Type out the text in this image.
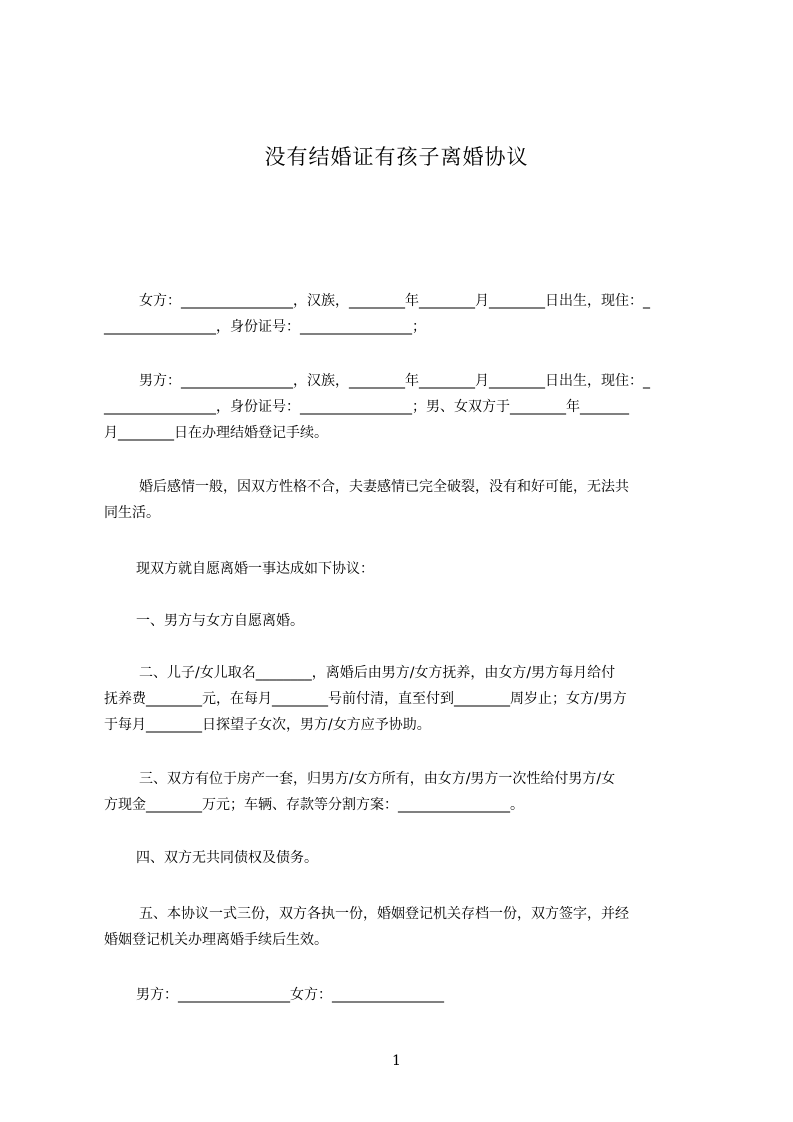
没有结婚证有孩子离婚协议
女方：________________，汉族，________年________月________日出生，现住：_
________________，身份证号：________________；
男方：________________，汉族，________年________月________日出生，现住：_
________________，身份证号：________________；男、女双方于________年_______
月________日在办理结婚登记手续。
婚后感情一般，因双方性格不合，夫妻感情已完全破裂，没有和好可能，无法共
同生活。
现双方就自愿离婚一事达成如下协议：
一、男方与女方自愿离婚。
二、儿子/女儿取名________，离婚后由男方/女方抚养，由女方/男方每月给付
抚养费________元，在每月________号前付清，直至付到________周岁止；女方/男方
于每月________日探望子女次，男方/女方应予协助。
三、双方有位于房产一套，归男方/女方所有，由女方/男方一次性给付男方/女
方现金________万元；车辆、存款等分割方案：________________。
四、双方无共同债权及债务。
五、本协议一式三份，双方各执一份，婚姻登记机关存档一份，双方签字，并经
婚姻登记机关办理离婚手续后生效。
男方：________________女方：________________
1
